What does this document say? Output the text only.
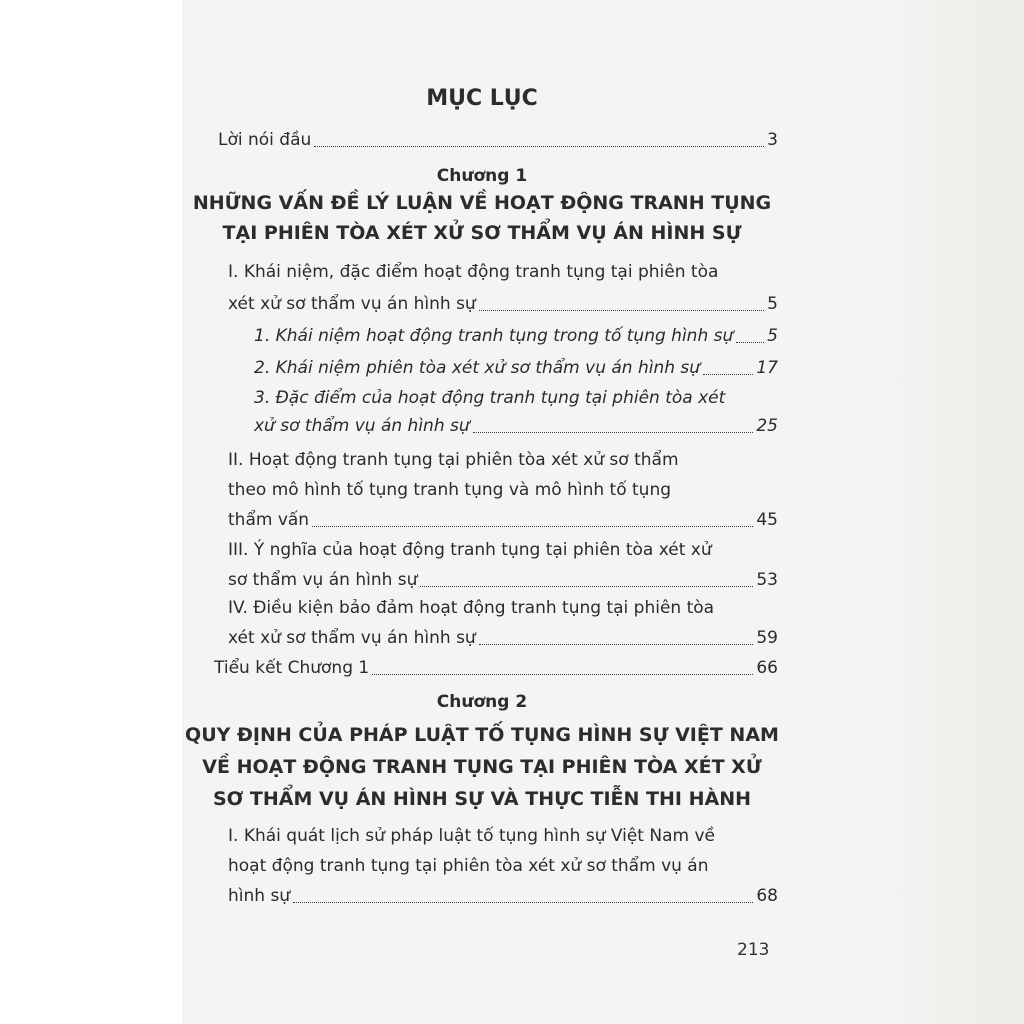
MỤC LỤC
Lời nói đầu	3
Chương 1
NHỮNG VẤN ĐỀ LÝ LUẬN VỀ HOẠT ĐỘNG TRANH TỤNG
TẠI PHIÊN TÒA XÉT XỬ SƠ THẨM VỤ ÁN HÌNH SỰ
I. Khái niệm, đặc điểm hoạt động tranh tụng tại phiên tòa
xét xử sơ thẩm vụ án hình sự	5
1. Khái niệm hoạt động tranh tụng trong tố tụng hình sự 5
2. Khái niệm phiên tòa xét xử sơ thẩm vụ án hình sự	17
3. Đặc điểm của hoạt động tranh tụng tại phiên tòa xét
xử sơ thẩm vụ án hình sự	25
II. Hoạt động tranh tụng tại phiên tòa xét xử sơ thẩm
theo mô hình tố tụng tranh tụng và mô hình tố tụng
thẩm vấn	45
III. Ý nghĩa của hoạt động tranh tụng tại phiên tòa xét xử
sơ thẩm vụ án hình sự	53
IV. Điều kiện bảo đảm hoạt động tranh tụng tại phiên tòa
xét xử sơ thẩm vụ án hình sự	59
Tiểu kết Chương 1	66
Chương 2
QUY ĐỊNH CỦA PHÁP LUẬT TỐ TỤNG HÌNH SỰ VIỆT NAM
VỀ HOẠT ĐỘNG TRANH TỤNG TẠI PHIÊN TÒA XÉT XỬ
SƠ THẨM VỤ ÁN HÌNH SỰ VÀ THỰC TIỄN THI HÀNH
I. Khái quát lịch sử pháp luật tố tụng hình sự Việt Nam về
hoạt động tranh tụng tại phiên tòa xét xử sơ thẩm vụ án
hình sự	68
213
